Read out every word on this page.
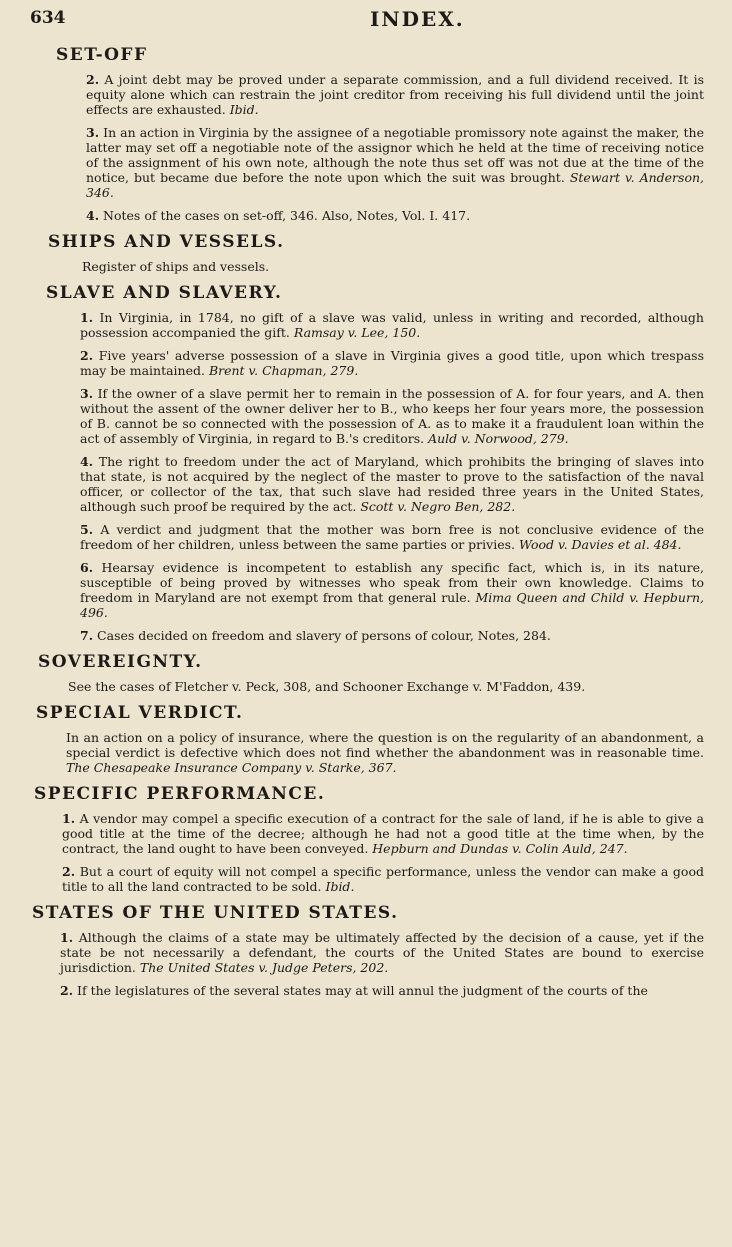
634	INDEX.
SET-OFF

2. A joint debt may be proved under a separate commission, and a full dividend received. It is equity alone which can restrain the joint creditor from receiving his full dividend until the joint effects are exhausted. Ibid.

3. In an action in Virginia by the assignee of a negotiable promissory note against the maker, the latter may set off a negotiable note of the assignor which he held at the time of receiving notice of the assignment of his own note, although the note thus set off was not due at the time of the notice, but became due before the note upon which the suit was brought. Stewart v. Anderson, 346.

4. Notes of the cases on set-off, 346. Also, Notes, Vol. I. 417.

SHIPS AND VESSELS.

Register of ships and vessels.

SLAVE AND SLAVERY.

1. In Virginia, in 1784, no gift of a slave was valid, unless in writing and recorded, although possession accompanied the gift. Ramsay v. Lee, 150.

2. Five years' adverse possession of a slave in Virginia gives a good title, upon which trespass may be maintained. Brent v. Chapman, 279.

3. If the owner of a slave permit her to remain in the possession of A. for four years, and A. then without the assent of the owner deliver her to B., who keeps her four years more, the possession of B. cannot be so connected with the possession of A. as to make it a fraudulent loan within the act of assembly of Virginia, in regard to B.'s creditors. Auld v. Norwood, 279.

4. The right to freedom under the act of Maryland, which prohibits the bringing of slaves into that state, is not acquired by the neglect of the master to prove to the satisfaction of the naval officer, or collector of the tax, that such slave had resided three years in the United States, although such proof be required by the act. Scott v. Negro Ben, 282.

5. A verdict and judgment that the mother was born free is not conclusive evidence of the freedom of her children, unless between the same parties or privies. Wood v. Davies et al. 484.

6. Hearsay evidence is incompetent to establish any specific fact, which is, in its nature, susceptible of being proved by witnesses who speak from their own knowledge. Claims to freedom in Maryland are not exempt from that general rule. Mima Queen and Child v. Hepburn, 496.

7. Cases decided on freedom and slavery of persons of colour, Notes, 284.

SOVEREIGNTY.

See the cases of Fletcher v. Peck, 308, and Schooner Exchange v. M'Faddon, 439.

SPECIAL VERDICT.

In an action on a policy of insurance, where the question is on the regularity of an abandonment, a special verdict is defective which does not find whether the abandonment was in reasonable time. The Chesapeake Insurance Company v. Starke, 367.

SPECIFIC PERFORMANCE.

1. A vendor may compel a specific execution of a contract for the sale of land, if he is able to give a good title at the time of the decree; although he had not a good title at the time when, by the contract, the land ought to have been conveyed. Hepburn and Dundas v. Colin Auld, 247.

2. But a court of equity will not compel a specific performance, unless the vendor can make a good title to all the land contracted to be sold. Ibid.

STATES OF THE UNITED STATES.

1. Although the claims of a state may be ultimately affected by the decision of a cause, yet if the state be not necessarily a defendant, the courts of the United States are bound to exercise jurisdiction. The United States v. Judge Peters, 202.

2. If the legislatures of the several states may at will annul the judgment of the courts of the
